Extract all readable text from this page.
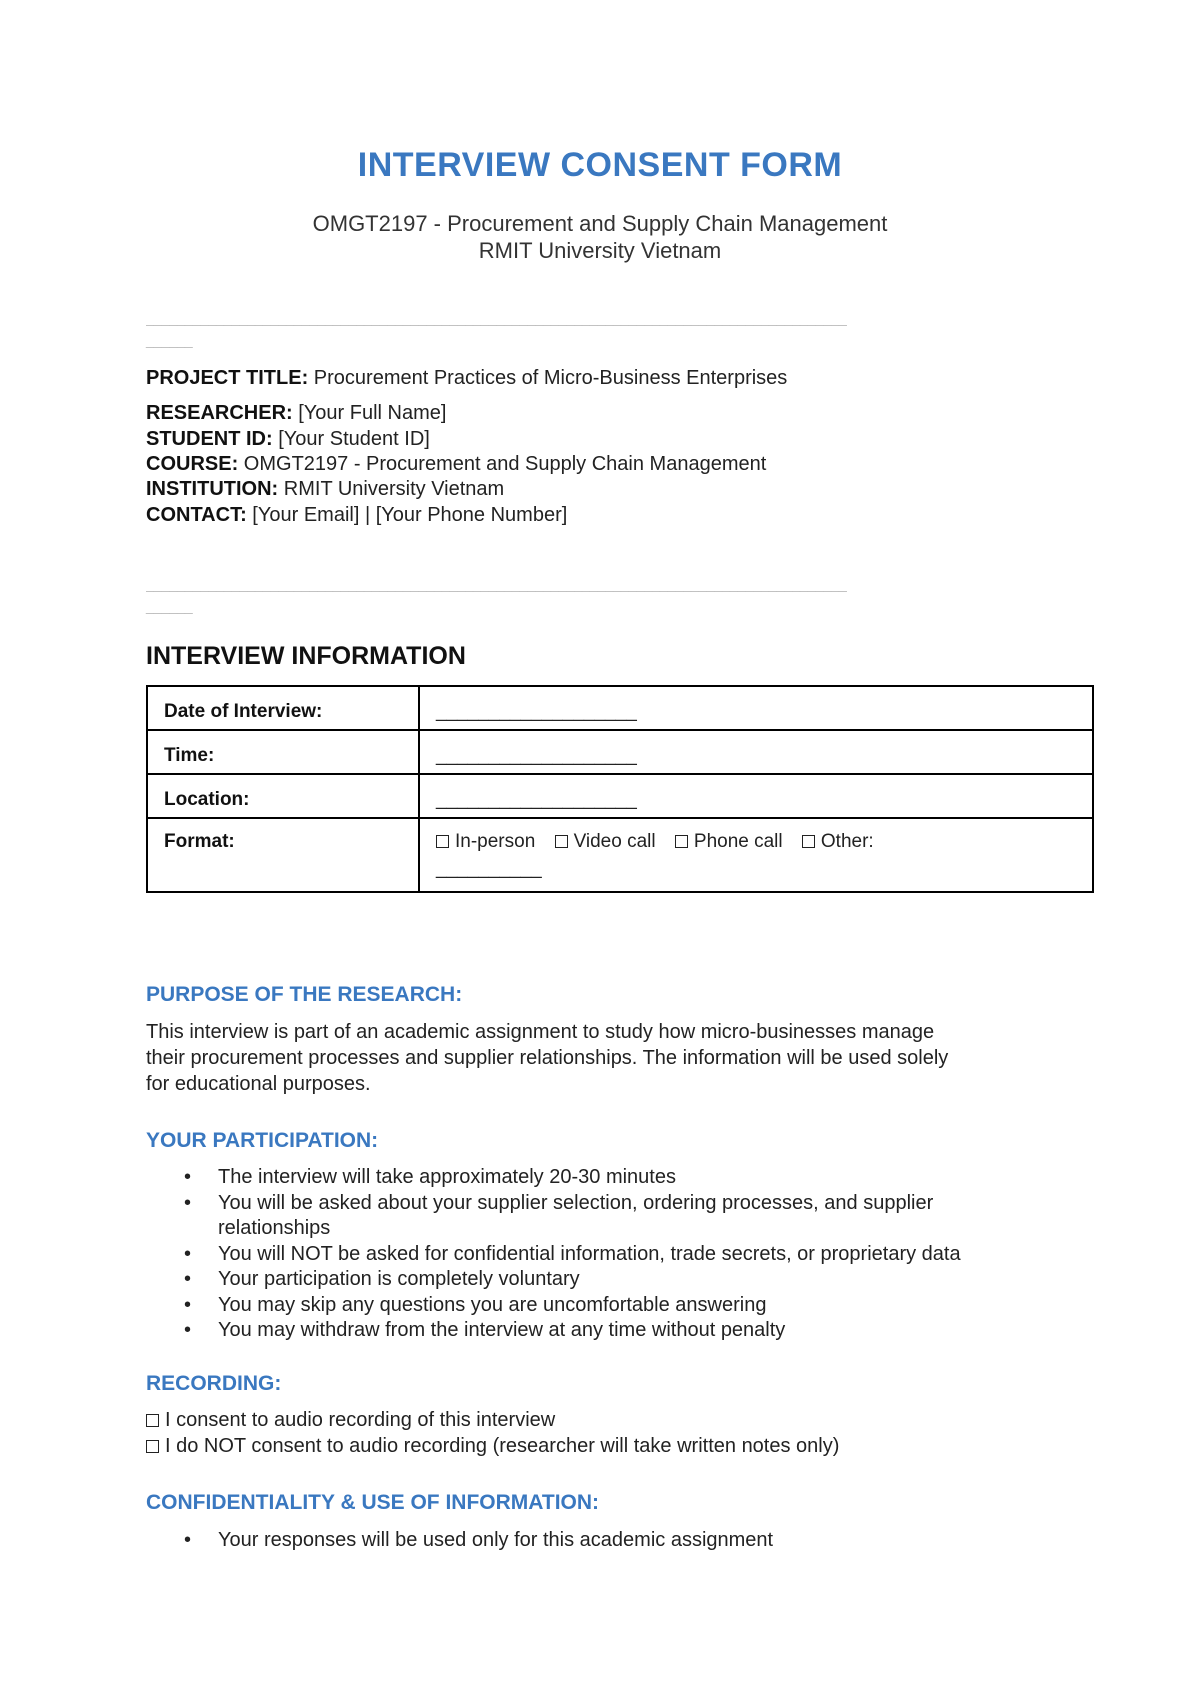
INTERVIEW CONSENT FORM
OMGT2197 - Procurement and Supply Chain Management
RMIT University Vietnam
__________________________________________________________________________________________
______
PROJECT TITLE: Procurement Practices of Micro-Business Enterprises
RESEARCHER: [Your Full Name]
STUDENT ID: [Your Student ID]
COURSE: OMGT2197 - Procurement and Supply Chain Management
INSTITUTION: RMIT University Vietnam
CONTACT: [Your Email] | [Your Phone Number]
__________________________________________________________________________________________
______
INTERVIEW INFORMATION
Date of Interview:	___________________
Time:	___________________
Location:	___________________
Format:	In-person Video call Phone call Other:
__________
PURPOSE OF THE RESEARCH:
This interview is part of an academic assignment to study how micro-businesses manage
their procurement processes and supplier relationships. The information will be used solely
for educational purposes.
YOUR PARTICIPATION:
• The interview will take approximately 20-30 minutes
• You will be asked about your supplier selection, ordering processes, and supplier
relationships
• You will NOT be asked for confidential information, trade secrets, or proprietary data
• Your participation is completely voluntary
• You may skip any questions you are uncomfortable answering
• You may withdraw from the interview at any time without penalty
RECORDING:
I consent to audio recording of this interview
I do NOT consent to audio recording (researcher will take written notes only)
CONFIDENTIALITY & USE OF INFORMATION:
• Your responses will be used only for this academic assignment
